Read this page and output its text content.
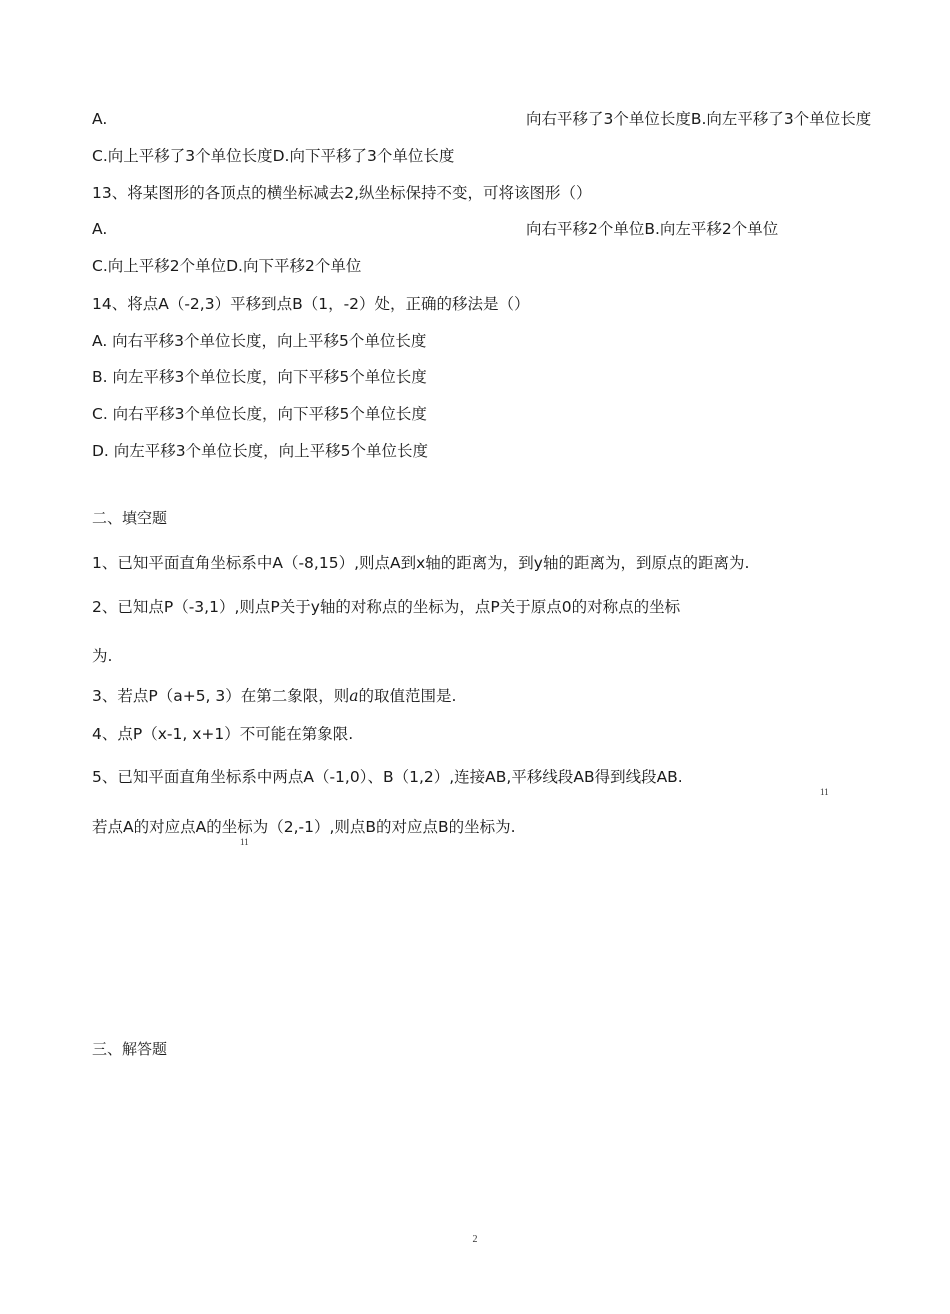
A.	向右平移了3个单位长度B.向左平移了3个单位长度
C.向上平移了3个单位长度D.向下平移了3个单位长度
13、将某图形的各顶点的横坐标减去2,纵坐标保持不变，可将该图形（）
A.	向右平移2个单位B.向左平移2个单位
C.向上平移2个单位D.向下平移2个单位
14、将点A（-2,3）平移到点B（1，-2）处，正确的移法是（）
A. 向右平移3个单位长度，向上平移5个单位长度
B. 向左平移3个单位长度，向下平移5个单位长度
C. 向右平移3个单位长度，向下平移5个单位长度
D. 向左平移3个单位长度，向上平移5个单位长度
二、填空题
1、已知平面直角坐标系中A（-8,15）,则点A到x轴的距离为，到y轴的距离为，到原点的距离为.
2、已知点P（-3,1）,则点P关于y轴的对称点的坐标为，点P关于原点0的对称点的坐标
为.
3、若点P（a+5, 3）在第二象限，则a的取值范围是.
4、点P（x-1, x+1）不可能在第象限.
5、已知平面直角坐标系中两点A（-1,0）、B（1,2）,连接AB,平移线段AB得到线段AB.
11
若点A的对应点A的坐标为（2,-1）,则点B的对应点B的坐标为.
11
三、解答题
2
